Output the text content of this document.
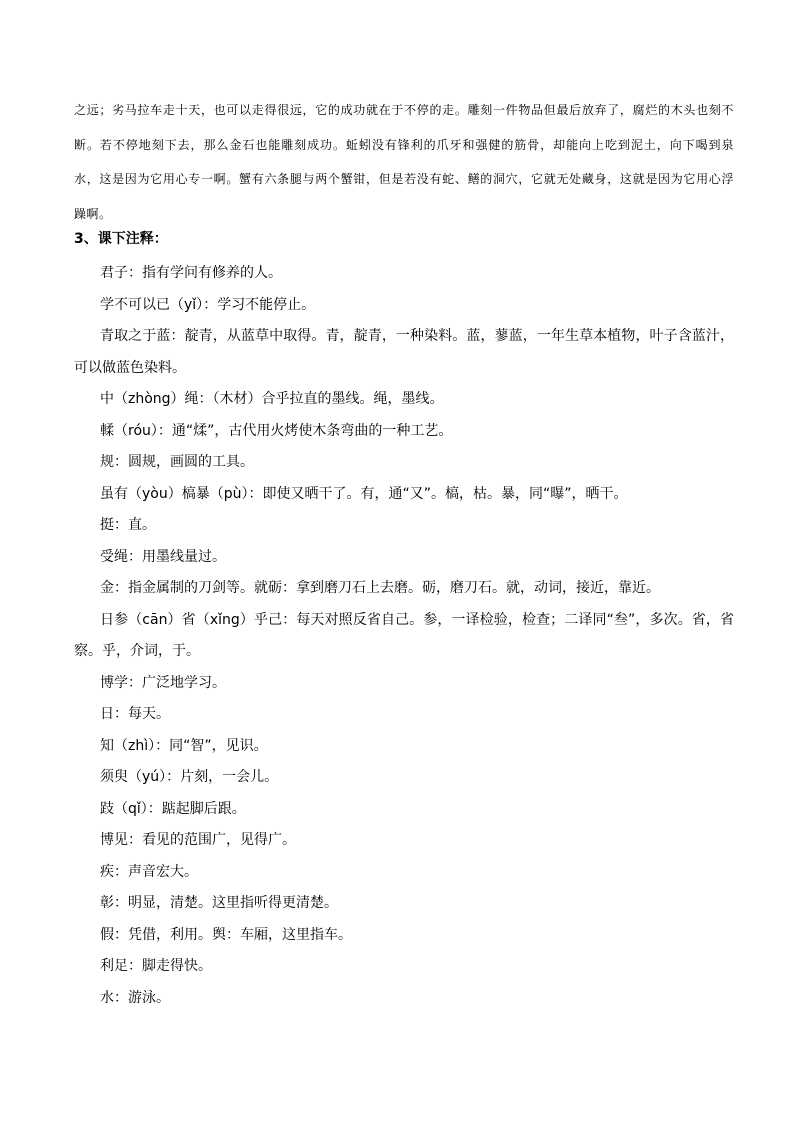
之远；劣马拉车走十天，也可以走得很远，它的成功就在于不停的走。雕刻一件物品但最后放弃了，腐烂的木头也刻不断。若不停地刻下去，那么金石也能雕刻成功。蚯蚓没有锋利的爪牙和强健的筋骨，却能向上吃到泥土，向下喝到泉水，这是因为它用心专一啊。蟹有六条腿与两个蟹钳，但是若没有蛇、鳝的洞穴，它就无处藏身，这就是因为它用心浮躁啊。

3、课下注释：

君子：指有学问有修养的人。

学不可以已（yǐ）：学习不能停止。

青取之于蓝：靛青，从蓝草中取得。青，靛青，一种染料。蓝，蓼蓝，一年生草本植物，叶子含蓝汁，可以做蓝色染料。

中（zhòng）绳：（木材）合乎拉直的墨线。绳，墨线。

輮（róu）：通“煣”，古代用火烤使木条弯曲的一种工艺。

规：圆规，画圆的工具。

虽有（yòu）槁暴（pù）：即使又晒干了。有，通“又”。槁，枯。暴，同“曝”，晒干。

挺：直。

受绳：用墨线量过。

金：指金属制的刀剑等。就砺：拿到磨刀石上去磨。砺，磨刀石。就，动词，接近，靠近。

日参（cān）省（xǐng）乎己：每天对照反省自己。参，一译检验，检查；二译同“叁”，多次。省，省察。乎，介词，于。

博学：广泛地学习。

日：每天。

知（zhì）：同“智”，见识。

须臾（yú）：片刻，一会儿。

跂（qǐ）：踮起脚后跟。

博见：看见的范围广，见得广。

疾：声音宏大。

彰：明显，清楚。这里指听得更清楚。

假：凭借，利用。舆：车厢，这里指车。

利足：脚走得快。

水：游泳。
